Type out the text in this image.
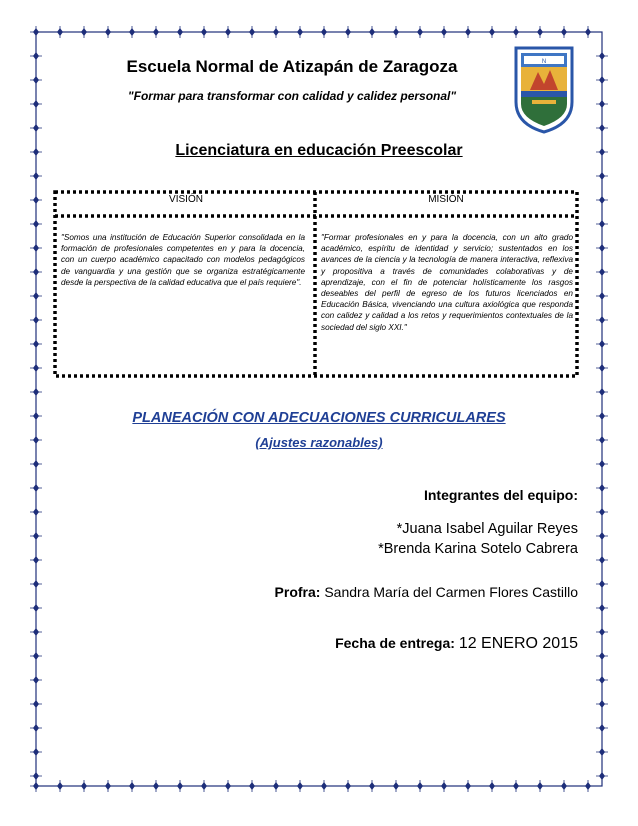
Escuela Normal de Atizapán de Zaragoza
"Formar para transformar con calidad y calidez personal"
N
Licenciatura en educación Preescolar
VISIÓN	MISIÓN
"Somos una institución de Educación Superior consolidada en la formación de profesionales competentes en y para la docencia, con un cuerpo académico capacitado con modelos pedagógicos de vanguardia y una gestión que se organiza estratégicamente desde la perspectiva de la calidad educativa que el país requiere".
"Formar profesionales en y para la docencia, con un alto grado académico, espíritu de identidad y servicio; sustentados en los avances de la ciencia y la tecnología de manera interactiva, reflexiva y propositiva a través de comunidades colaborativas y de aprendizaje, con el fin de potenciar holísticamente los rasgos deseables del perfil de egreso de los futuros licenciados en Educación Básica, vivenciando una cultura axiológica que responda con calidez y calidad a los retos y requerimientos contextuales de la sociedad del siglo XXI."
PLANEACIÓN CON ADECUACIONES CURRICULARES
(Ajustes razonables)
Integrantes del equipo:
*Juana Isabel Aguilar Reyes
*Brenda Karina Sotelo Cabrera
Profra: Sandra María del Carmen Flores Castillo
Fecha de entrega: 12 ENERO 2015
